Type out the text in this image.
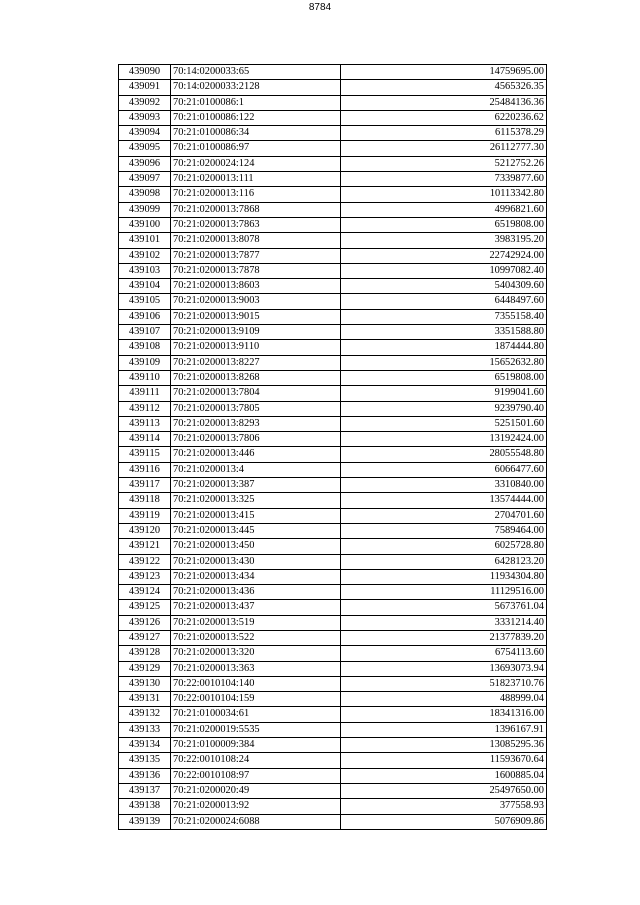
8784
439090	70:14:0200033:65	14759695.00
439091	70:14:0200033:2128	4565326.35
439092	70:21:0100086:1	25484136.36
439093	70:21:0100086:122	6220236.62
439094	70:21:0100086:34	6115378.29
439095	70:21:0100086:97	26112777.30
439096	70:21:0200024:124	5212752.26
439097	70:21:0200013:111	7339877.60
439098	70:21:0200013:116	10113342.80
439099	70:21:0200013:7868	4996821.60
439100	70:21:0200013:7863	6519808.00
439101	70:21:0200013:8078	3983195.20
439102	70:21:0200013:7877	22742924.00
439103	70:21:0200013:7878	10997082.40
439104	70:21:0200013:8603	5404309.60
439105	70:21:0200013:9003	6448497.60
439106	70:21:0200013:9015	7355158.40
439107	70:21:0200013:9109	3351588.80
439108	70:21:0200013:9110	1874444.80
439109	70:21:0200013:8227	15652632.80
439110	70:21:0200013:8268	6519808.00
439111	70:21:0200013:7804	9199041.60
439112	70:21:0200013:7805	9239790.40
439113	70:21:0200013:8293	5251501.60
439114	70:21:0200013:7806	13192424.00
439115	70:21:0200013:446	28055548.80
439116	70:21:0200013:4	6066477.60
439117	70:21:0200013:387	3310840.00
439118	70:21:0200013:325	13574444.00
439119	70:21:0200013:415	2704701.60
439120	70:21:0200013:445	7589464.00
439121	70:21:0200013:450	6025728.80
439122	70:21:0200013:430	6428123.20
439123	70:21:0200013:434	11934304.80
439124	70:21:0200013:436	11129516.00
439125	70:21:0200013:437	5673761.04
439126	70:21:0200013:519	3331214.40
439127	70:21:0200013:522	21377839.20
439128	70:21:0200013:320	6754113.60
439129	70:21:0200013:363	13693073.94
439130	70:22:0010104:140	51823710.76
439131	70:22:0010104:159	488999.04
439132	70:21:0100034:61	18341316.00
439133	70:21:0200019:5535	1396167.91
439134	70:21:0100009:384	13085295.36
439135	70:22:0010108:24	11593670.64
439136	70:22:0010108:97	1600885.04
439137	70:21:0200020:49	25497650.00
439138	70:21:0200013:92	377558.93
439139	70:21:0200024:6088	5076909.86
